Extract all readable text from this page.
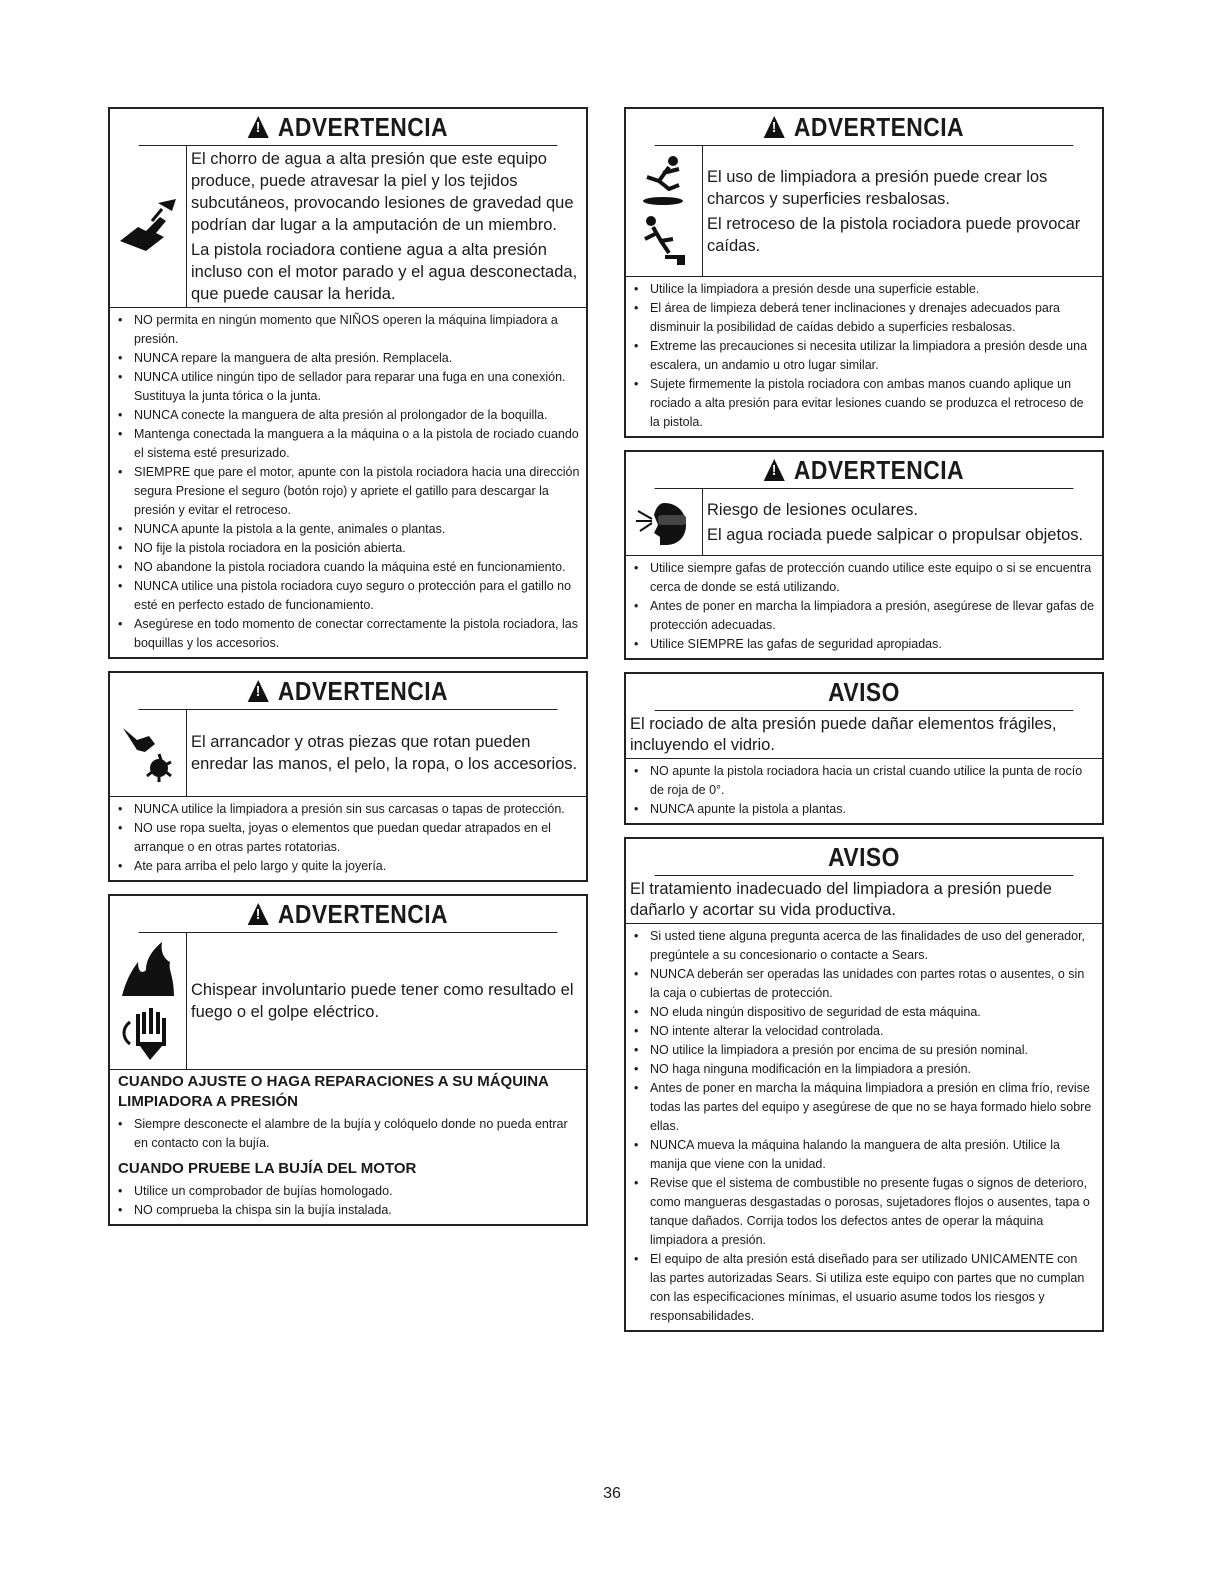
!ADVERTENCIA

El chorro de agua a alta presión que este equipo produce, puede atravesar la piel y los tejidos subcutáneos, provocando lesiones de gravedad que podrían dar lugar a la amputación de un miembro.

La pistola rociadora contiene agua a alta presión incluso con el motor parado y el agua desconectada, que puede causar la herida.

• NO permita en ningún momento que NIÑOS operen la máquina limpiadora a presión.
• NUNCA repare la manguera de alta presión. Remplacela.
• NUNCA utilice ningún tipo de sellador para reparar una fuga en una conexión. Sustituya la junta tórica o la junta.
• NUNCA conecte la manguera de alta presión al prolongador de la boquilla.
• Mantenga conectada la manguera a la máquina o a la pistola de rociado cuando el sistema esté presurizado.
• SIEMPRE que pare el motor, apunte con la pistola rociadora hacia una dirección segura Presione el seguro (botón rojo) y apriete el gatillo para descargar la presión y evitar el retroceso.
• NUNCA apunte la pistola a la gente, animales o plantas.
• NO fije la pistola rociadora en la posición abierta.
• NO abandone la pistola rociadora cuando la máquina esté en funcionamiento.
• NUNCA utilice una pistola rociadora cuyo seguro o protección para el gatillo no esté en perfecto estado de funcionamiento.
• Asegúrese en todo momento de conectar correctamente la pistola rociadora, las boquillas y los accesorios.
!ADVERTENCIA

El arrancador y otras piezas que rotan pueden enredar las manos, el pelo, la ropa, o los accesorios.

• NUNCA utilice la limpiadora a presión sin sus carcasas o tapas de protección.
• NO use ropa suelta, joyas o elementos que puedan quedar atrapados en el arranque o en otras partes rotatorias.
• Ate para arriba el pelo largo y quite la joyería.
!ADVERTENCIA

Chispear involuntario puede tener como resultado el fuego o el golpe eléctrico.

CUANDO AJUSTE O HAGA REPARACIONES A SU MÁQUINA LIMPIADORA A PRESIÓN
• Siempre desconecte el alambre de la bujía y colóquelo donde no pueda entrar en contacto con la bujía.
CUANDO PRUEBE LA BUJÍA DEL MOTOR
• Utilice un comprobador de bujías homologado.
• NO comprueba la chispa sin la bujía instalada.
!ADVERTENCIA

El uso de limpiadora a presión puede crear los charcos y superficies resbalosas.

El retroceso de la pistola rociadora puede provocar caídas.

• Utilice la limpiadora a presión desde una superficie estable.
• El área de limpieza deberá tener inclinaciones y drenajes adecuados para disminuir la posibilidad de caídas debido a superficies resbalosas.
• Extreme las precauciones si necesita utilizar la limpiadora a presión desde una escalera, un andamio u otro lugar similar.
• Sujete firmemente la pistola rociadora con ambas manos cuando aplique un rociado a alta presión para evitar lesiones cuando se produzca el retroceso de la pistola.
!ADVERTENCIA

Riesgo de lesiones oculares.

El agua rociada puede salpicar o propulsar objetos.

• Utilice siempre gafas de protección cuando utilice este equipo o si se encuentra cerca de donde se está utilizando.
• Antes de poner en marcha la limpiadora a presión, asegúrese de llevar gafas de protección adecuadas.
• Utilice SIEMPRE las gafas de seguridad apropiadas.
AVISO
El rociado de alta presión puede dañar elementos frágiles, incluyendo el vidrio.
• NO apunte la pistola rociadora hacia un cristal cuando utilice la punta de rocío de roja de 0°.
• NUNCA apunte la pistola a plantas.
AVISO
El tratamiento inadecuado del limpiadora a presión puede dañarlo y acortar su vida productiva.
• Si usted tiene alguna pregunta acerca de las finalidades de uso del generador, pregúntele a su concesionario o contacte a Sears.
• NUNCA deberán ser operadas las unidades con partes rotas o ausentes, o sin la caja o cubiertas de protección.
• NO eluda ningún dispositivo de seguridad de esta máquina.
• NO intente alterar la velocidad controlada.
• NO utilice la limpiadora a presión por encima de su presión nominal.
• NO haga ninguna modificación en la limpiadora a presión.
• Antes de poner en marcha la máquina limpiadora a presión en clima frío, revise todas las partes del equipo y asegúrese de que no se haya formado hielo sobre ellas.
• NUNCA mueva la máquina halando la manguera de alta presión. Utilice la manija que viene con la unidad.
• Revise que el sistema de combustible no presente fugas o signos de deterioro, como mangueras desgastadas o porosas, sujetadores flojos o ausentes, tapa o tanque dañados. Corrija todos los defectos antes de operar la máquina limpiadora a presión.
• El equipo de alta presión está diseñado para ser utilizado UNICAMENTE con las partes autorizadas Sears. Si utiliza este equipo con partes que no cumplan con las especificaciones mínimas, el usuario asume todos los riesgos y responsabilidades.
36
